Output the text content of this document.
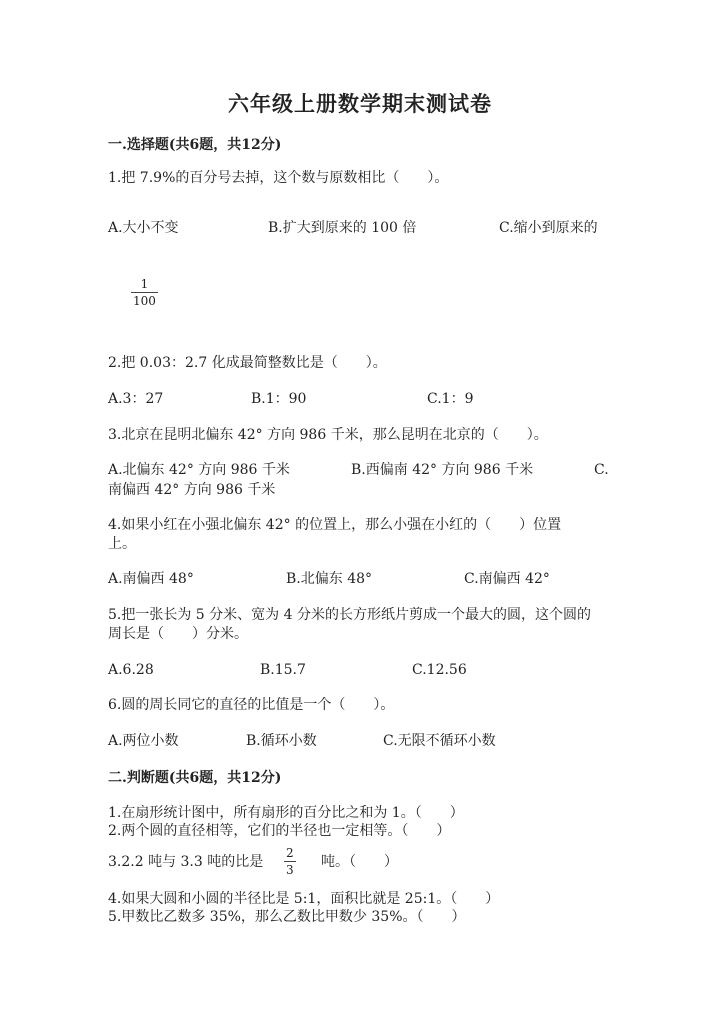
六年级上册数学期末测试卷
一.选择题(共6题，共12分)
1.把 7.9%的百分号去掉，这个数与原数相比（　　）。
A.大小不变	B.扩大到原来的 100 倍	C.缩小到原来的
1
100
2.把 0.03：2.7 化成最简整数比是（　　）。
A.3：27	B.1：90	C.1：9
3.北京在昆明北偏东 42° 方向 986 千米，那么昆明在北京的（　　）。
A.北偏东 42° 方向 986 千米	B.西偏南 42° 方向 986 千米	C.
南偏西 42° 方向 986 千米
4.如果小红在小强北偏东 42° 的位置上，那么小强在小红的（　　）位置
上。
A.南偏西 48°	B.北偏东 48°	C.南偏西 42°
5.把一张长为 5 分米、宽为 4 分米的长方形纸片剪成一个最大的圆，这个圆的
周长是（　　）分米。
A.6.28	B.15.7	C.12.56
6.圆的周长同它的直径的比值是一个（　　）。
A.两位小数	B.循环小数	C.无限不循环小数
二.判断题(共6题，共12分)
1.在扇形统计图中，所有扇形的百分比之和为 1。（　　）
2.两个圆的直径相等，它们的半径也一定相等。（　　）
3.2.2 吨与 3.3 吨的比是
2
3 吨。（　　）
4.如果大圆和小圆的半径比是 5:1，面积比就是 25:1。（　　）
5.甲数比乙数多 35%，那么乙数比甲数少 35%。（　　）
